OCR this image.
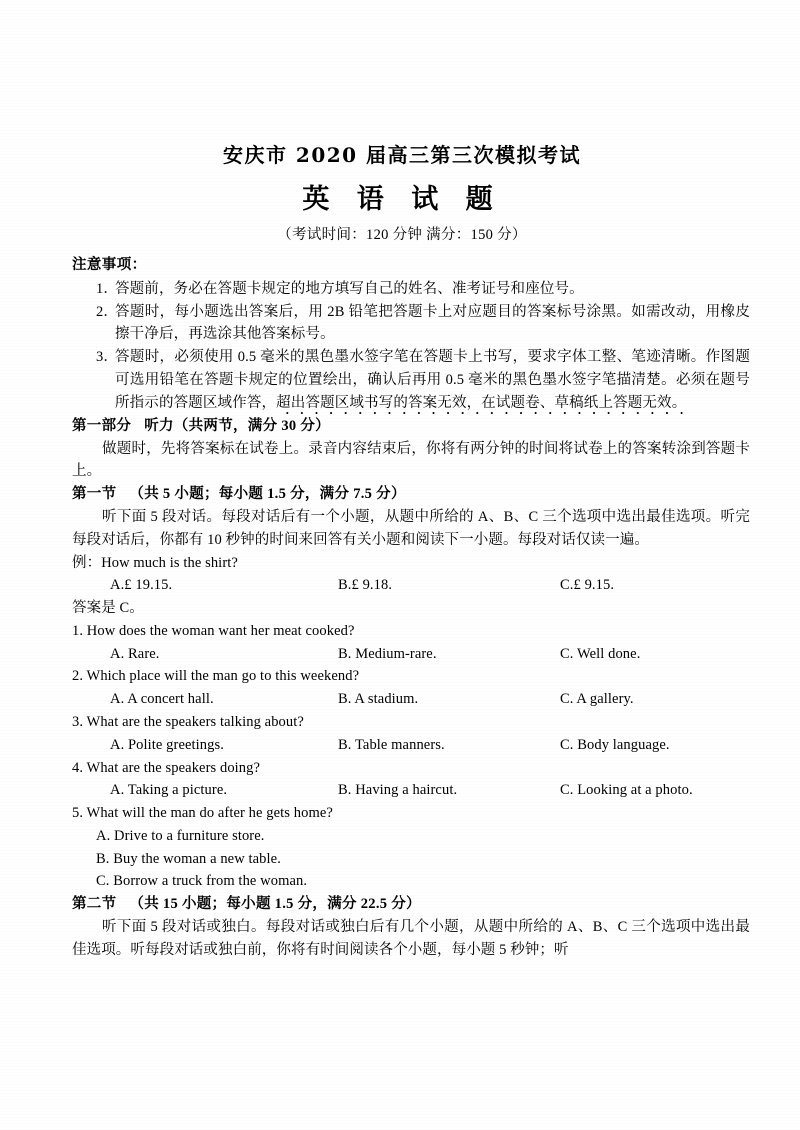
安庆市 2020 届高三第三次模拟考试
英 语 试 题
（考试时间：120 分钟 满分：150 分）
注意事项：
1．
答题前，务必在答题卡规定的地方填写自己的姓名、准考证号和座位号。
2．
答题时，每小题选出答案后，用 2B 铅笔把答题卡上对应题目的答案标号涂黑。如需改动，用橡皮擦干净后，再选涂其他答案标号。
3．
答题时，必须使用 0.5 毫米的黑色墨水签字笔在答题卡上书写，要求字体工整、笔迹清晰。作图题可选用铅笔在答题卡规定的位置绘出，确认后再用 0.5 毫米的黑色墨水签字笔描清楚。必须在题号所指示的答题区域作答，超出答题区域书写的答案无效，在试题卷、草稿纸上答题无效。
第一部分 听力（共两节，满分 30 分）

做题时，先将答案标在试卷上。录音内容结束后，你将有两分钟的时间将试卷上的答案转涂到答题卡上。

第一节 （共 5 小题；每小题 1.5 分，满分 7.5 分）

听下面 5 段对话。每段对话后有一个小题，从题中所给的 A、B、C 三个选项中选出最佳选项。听完每段对话后，你都有 10 秒钟的时间来回答有关小题和阅读下一小题。每段对话仅读一遍。

例：How much is the shirt?

A.£ 19.15.	B.£ 9.18.	C.£ 9.15.

答案是 C。

1. How does the woman want her meat cooked?

A. Rare.	B. Medium-rare.	C. Well done.

2. Which place will the man go to this weekend?

A. A concert hall.	B. A stadium.	C. A gallery.

3. What are the speakers talking about?

A. Polite greetings.	B. Table manners.	C. Body language.

4. What are the speakers doing?

A. Taking a picture.	B. Having a haircut.	C. Looking at a photo.

5. What will the man do after he gets home?

A. Drive to a furniture store.

B. Buy the woman a new table.

C. Borrow a truck from the woman.

第二节 （共 15 小题；每小题 1.5 分，满分 22.5 分）

听下面 5 段对话或独白。每段对话或独白后有几个小题，从题中所给的 A、B、C 三个选项中选出最佳选项。听每段对话或独白前，你将有时间阅读各个小题，每小题 5 秒钟；听
